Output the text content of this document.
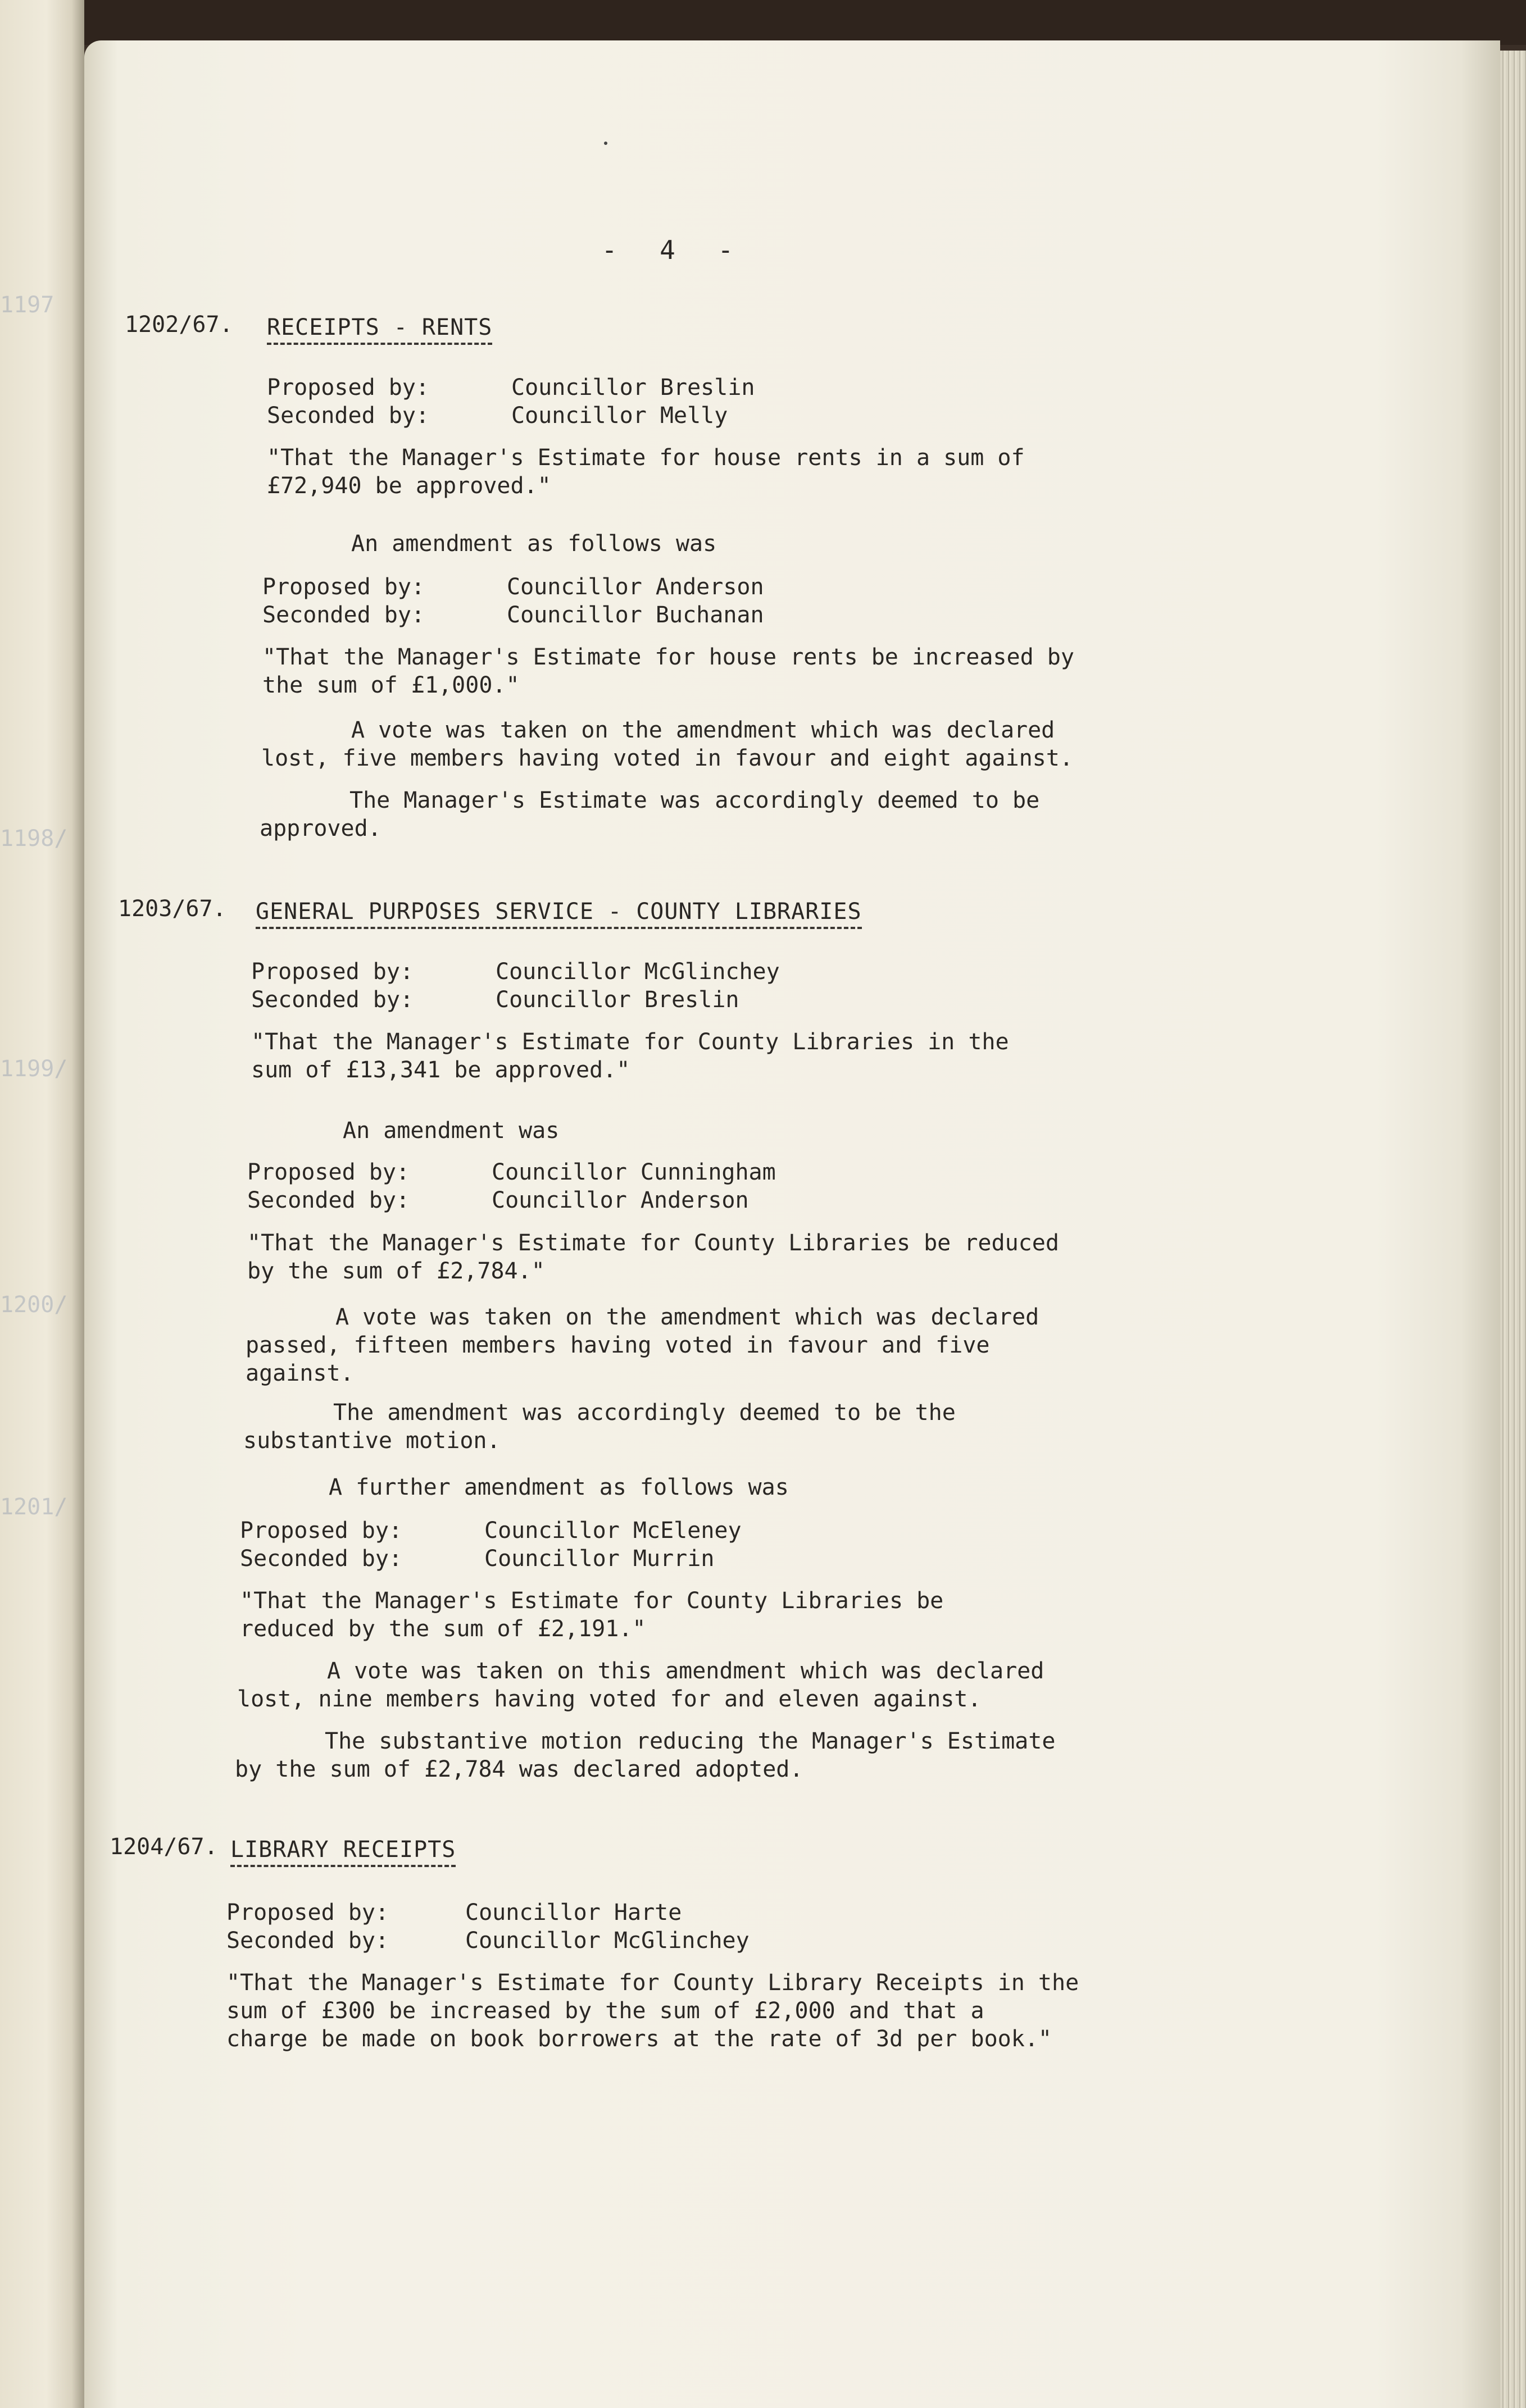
1197
1198/
1199/
1200/
1201/
- 4 -
1202/67. RECEIPTS - RENTS
Proposed by:	Councillor Breslin
Seconded by:	Councillor Melly

"That the Manager's Estimate for house rents in a sum of
£72,940 be approved."

An amendment as follows was
Proposed by:	Councillor Anderson
Seconded by:	Councillor Buchanan

"That the Manager's Estimate for house rents be increased by
the sum of £1,000."

A vote was taken on the amendment which was declared
lost, five members having voted in favour and eight against.

The Manager's Estimate was accordingly deemed to be
approved.

1203/67. GENERAL PURPOSES SERVICE - COUNTY LIBRARIES
Proposed by:	Councillor McGlinchey
Seconded by:	Councillor Breslin

"That the Manager's Estimate for County Libraries in the
sum of £13,341 be approved."

An amendment was
Proposed by:	Councillor Cunningham
Seconded by:	Councillor Anderson

"That the Manager's Estimate for County Libraries be reduced
by the sum of £2,784."

A vote was taken on the amendment which was declared
passed, fifteen members having voted in favour and five
against.

The amendment was accordingly deemed to be the
substantive motion.

A further amendment as follows was
Proposed by:	Councillor McEleney
Seconded by:	Councillor Murrin

"That the Manager's Estimate for County Libraries be
reduced by the sum of £2,191."

A vote was taken on this amendment which was declared
lost, nine members having voted for and eleven against.

The substantive motion reducing the Manager's Estimate
by the sum of £2,784 was declared adopted.

1204/67. LIBRARY RECEIPTS
Proposed by:	Councillor Harte
Seconded by:	Councillor McGlinchey

"That the Manager's Estimate for County Library Receipts in the
sum of £300 be increased by the sum of £2,000 and that a
charge be made on book borrowers at the rate of 3d per book."
